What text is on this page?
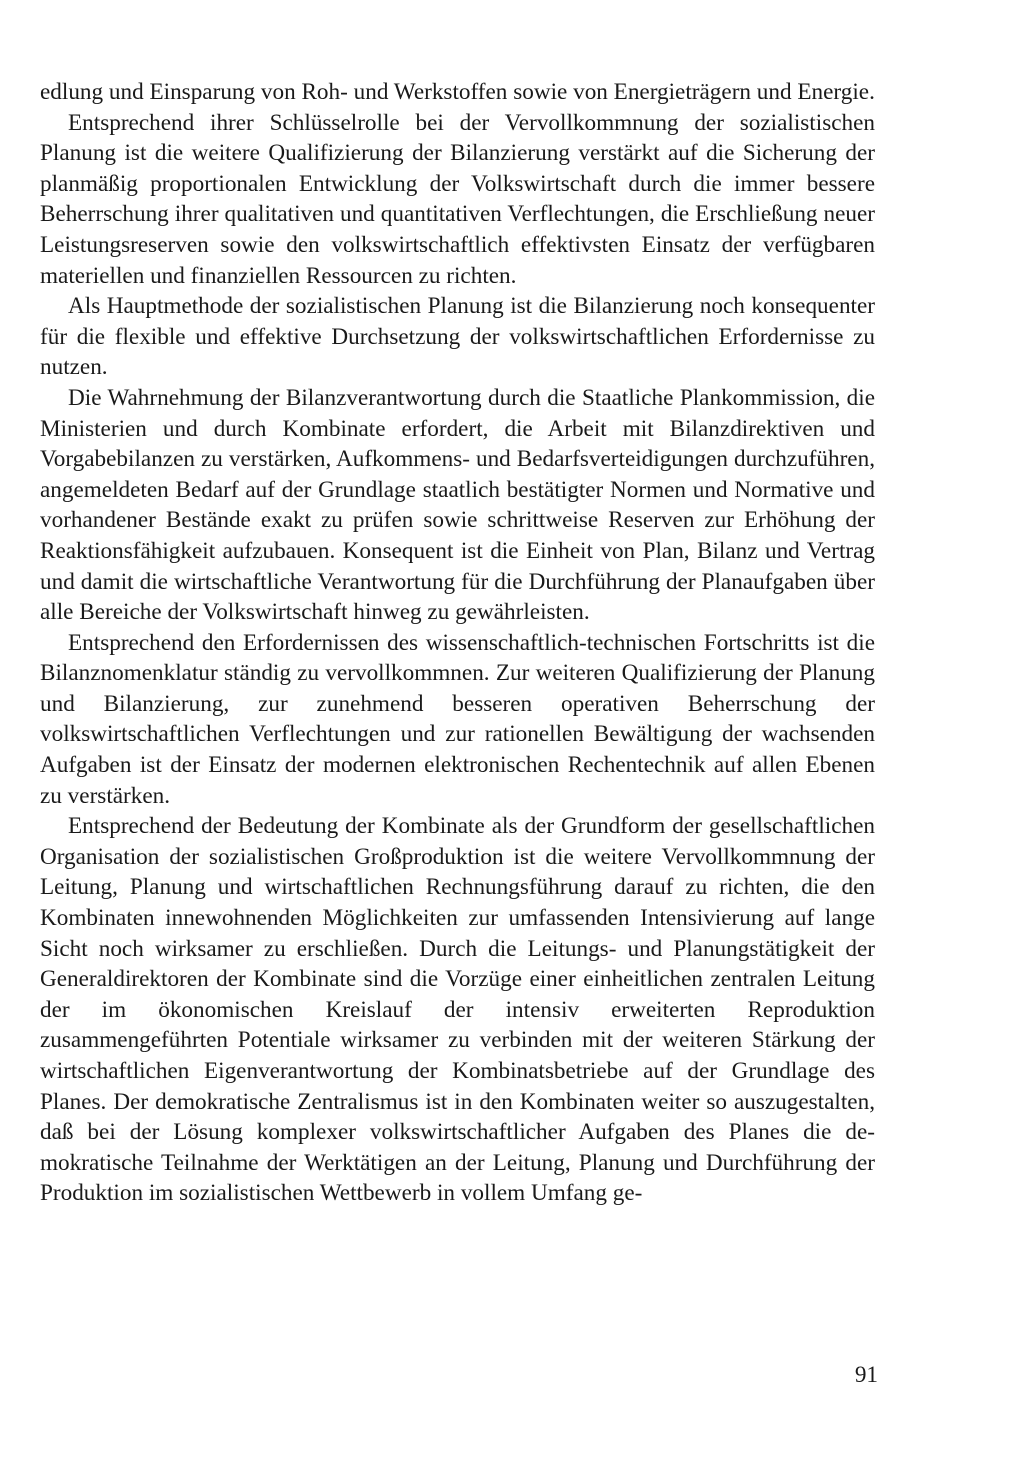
edlung und Einsparung von Roh- und Werkstoffen sowie von Energieträgern und Energie.

Entsprechend ihrer Schlüsselrolle bei der Vervollkommnung der sozialistischen Planung ist die weitere Qualifizierung der Bilanzierung verstärkt auf die Sicherung der planmäßig proportionalen Entwicklung der Volkswirtschaft durch die immer bessere Beherrschung ihrer qualitativen und quantitativen Verflechtungen, die Erschließung neuer Leistungsreserven sowie den volkswirtschaftlich effektivsten Einsatz der verfügbaren materiellen und finanziellen Ressourcen zu richten.

Als Hauptmethode der sozialistischen Planung ist die Bilanzierung noch konsequenter für die flexible und effektive Durchsetzung der volkswirtschaftlichen Erfordernisse zu nutzen.

Die Wahrnehmung der Bilanzverantwortung durch die Staatliche Plankommission, die Ministerien und durch Kombinate erfordert, die Arbeit mit Bilanzdirektiven und Vorgabebilanzen zu verstärken, Aufkommens- und Bedarfsverteidigungen durchzuführen, angemeldeten Bedarf auf der Grundlage staatlich bestätigter Normen und Normative und vorhandener Bestände exakt zu prüfen sowie schrittweise Reserven zur Erhöhung der Reaktionsfähigkeit aufzubauen. Konsequent ist die Einheit von Plan, Bilanz und Vertrag und damit die wirtschaftliche Verantwortung für die Durchführung der Planaufgaben über alle Bereiche der Volkswirtschaft hinweg zu gewährleisten.

Entsprechend den Erfordernissen des wissenschaftlich-technischen Fortschritts ist die Bilanznomenklatur ständig zu vervollkommnen. Zur weiteren Qualifizierung der Planung und Bilanzierung, zur zunehmend besseren operativen Beherrschung der volkswirtschaftlichen Verflechtungen und zur rationellen Bewältigung der wachsenden Aufgaben ist der Einsatz der modernen elektronischen Rechentechnik auf allen Ebenen zu verstärken.

Entsprechend der Bedeutung der Kombinate als der Grundform der gesellschaftlichen Organisation der sozialistischen Großproduktion ist die weitere Vervollkommnung der Leitung, Planung und wirtschaftlichen Rechnungsführung darauf zu richten, die den Kombinaten innewohnenden Möglichkeiten zur umfassenden Intensivierung auf lange Sicht noch wirksamer zu erschließen. Durch die Leitungs- und Planungstätigkeit der Generaldirektoren der Kombinate sind die Vorzüge einer einheitlichen zentralen Leitung der im ökonomischen Kreislauf der intensiv erweiterten Reproduktion zusammengeführten Potentiale wirksamer zu verbinden mit der weiteren Stärkung der wirtschaftlichen Eigenverantwortung der Kombinatsbetriebe auf der Grundlage des Planes. Der demokratische Zentralismus ist in den Kombinaten weiter so auszugestalten, daß bei der Lösung komplexer volkswirtschaftlicher Aufgaben des Planes die demokratische Teilnahme der Werktätigen an der Leitung, Planung und Durchführung der Produktion im sozialistischen Wettbewerb in vollem Umfang ge-

91
